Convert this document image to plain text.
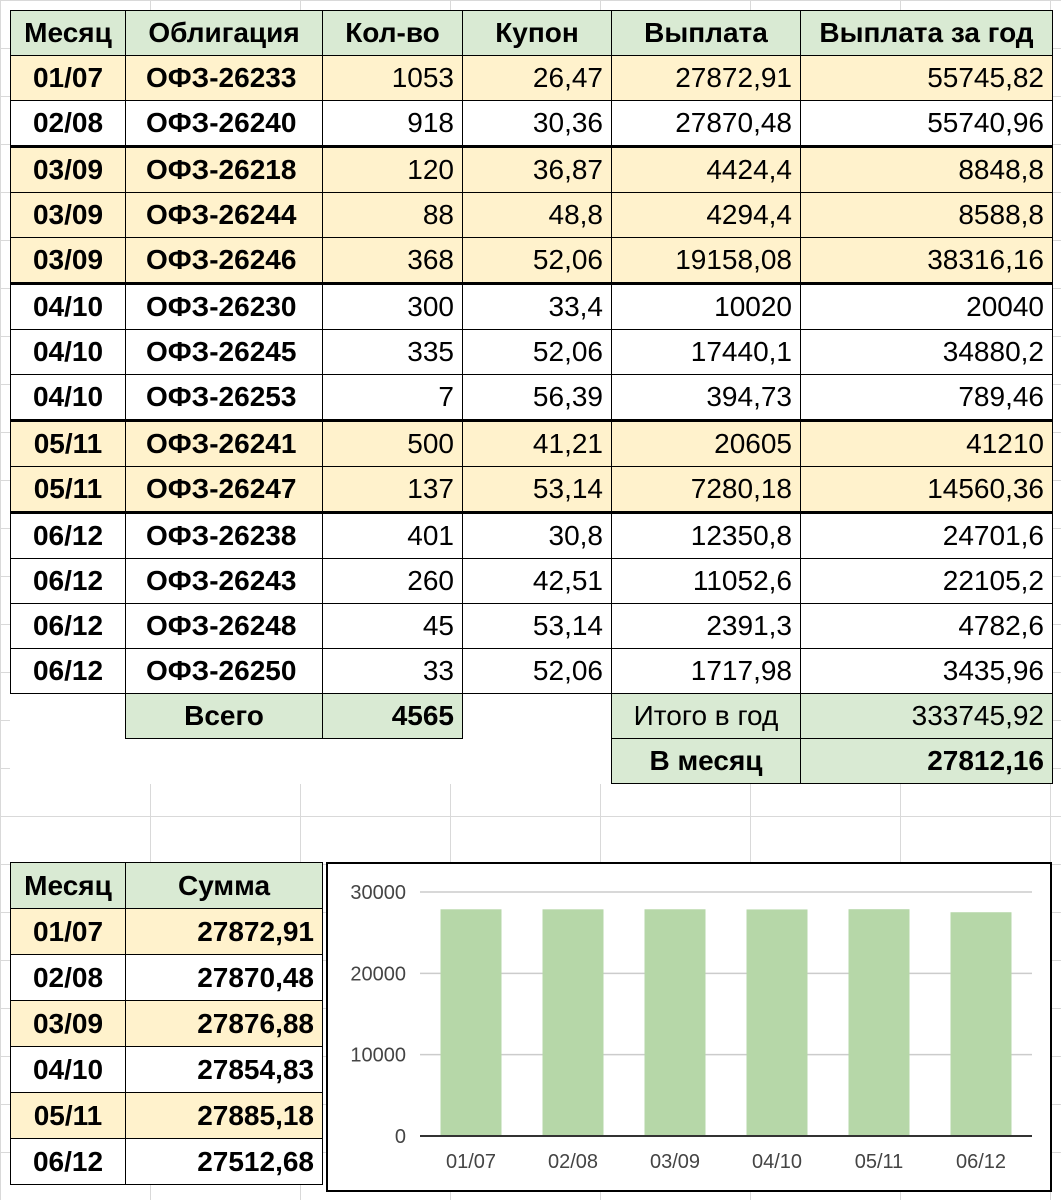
Месяц	Облигация	Кол-во	Купон	Выплата	Выплата за год
01/07	ОФЗ-26233	1053	26,47	27872,91	55745,82
02/08	ОФЗ-26240	918	30,36	27870,48	55740,96
03/09	ОФЗ-26218	120	36,87	4424,4	8848,8
03/09	ОФЗ-26244	88	48,8	4294,4	8588,8
03/09	ОФЗ-26246	368	52,06	19158,08	38316,16
04/10	ОФЗ-26230	300	33,4	10020	20040
04/10	ОФЗ-26245	335	52,06	17440,1	34880,2
04/10	ОФЗ-26253	7	56,39	394,73	789,46
05/11	ОФЗ-26241	500	41,21	20605	41210
05/11	ОФЗ-26247	137	53,14	7280,18	14560,36
06/12	ОФЗ-26238	401	30,8	12350,8	24701,6
06/12	ОФЗ-26243	260	42,51	11052,6	22105,2
06/12	ОФЗ-26248	45	53,14	2391,3	4782,6
06/12	ОФЗ-26250	33	52,06	1717,98	3435,96
	Всего	4565		Итого в год	333745,92
				В месяц	27812,16
Месяц	Сумма
01/07	27872,91
02/08	27870,48
03/09	27876,88
04/10	27854,83
05/11	27885,18
06/12	27512,68
0
10000
20000
30000
01/07	02/08	03/09	04/10	05/11	06/12
